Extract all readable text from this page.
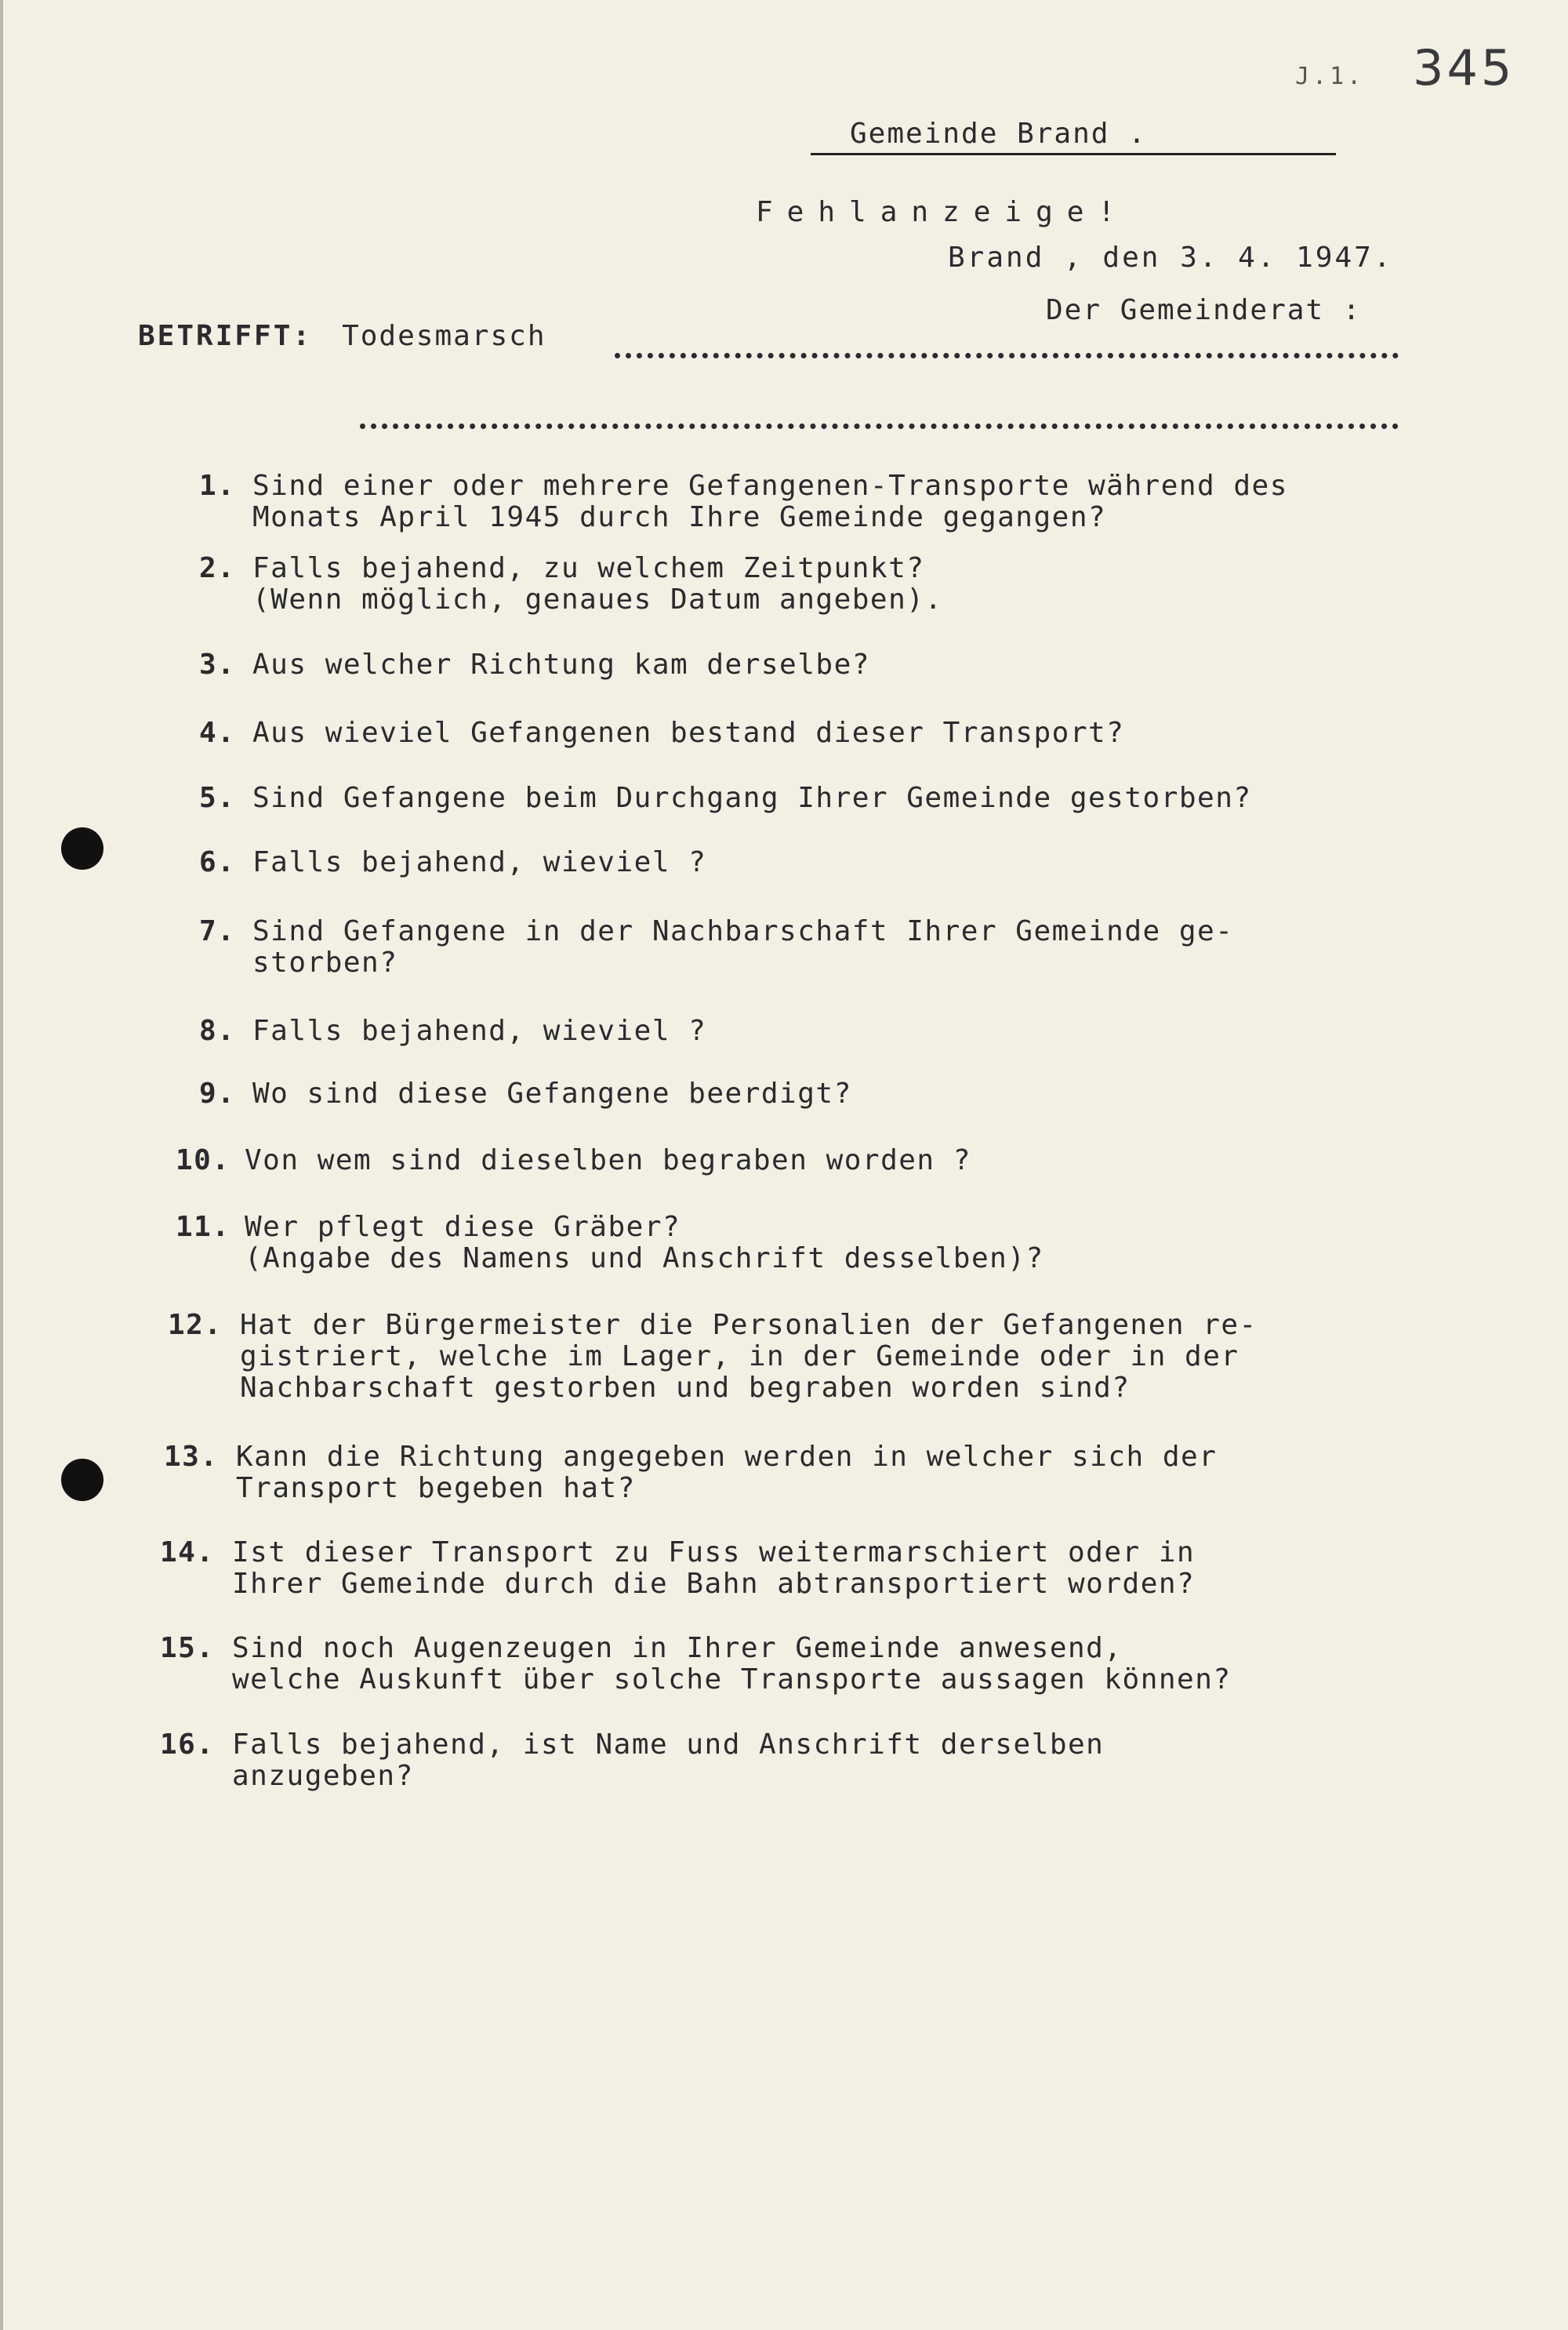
J.1. 345
Gemeinde Brand .
Fehlanzeige!
Brand , den 3. 4. 1947.
Der Gemeinderat :
BETRIFFT: Todesmarsch
1. Sind einer oder mehrere Gefangenen-Transporte während des
Monats April 1945 durch Ihre Gemeinde gegangen?
2. Falls bejahend, zu welchem Zeitpunkt?
(Wenn möglich, genaues Datum angeben).
3. Aus welcher Richtung kam derselbe?
4. Aus wieviel Gefangenen bestand dieser Transport?
5. Sind Gefangene beim Durchgang Ihrer Gemeinde gestorben?
6. Falls bejahend, wieviel ?
7. Sind Gefangene in der Nachbarschaft Ihrer Gemeinde ge-
storben?
8. Falls bejahend, wieviel ?
9. Wo sind diese Gefangene beerdigt?
10. Von wem sind dieselben begraben worden ?
11. Wer pflegt diese Gräber?
(Angabe des Namens und Anschrift desselben)?
12. Hat der Bürgermeister die Personalien der Gefangenen re-
gistriert, welche im Lager, in der Gemeinde oder in der
Nachbarschaft gestorben und begraben worden sind?
13. Kann die Richtung angegeben werden in welcher sich der
Transport begeben hat?
14. Ist dieser Transport zu Fuss weitermarschiert oder in
Ihrer Gemeinde durch die Bahn abtransportiert worden?
15. Sind noch Augenzeugen in Ihrer Gemeinde anwesend,
welche Auskunft über solche Transporte aussagen können?
16. Falls bejahend, ist Name und Anschrift derselben
anzugeben?
